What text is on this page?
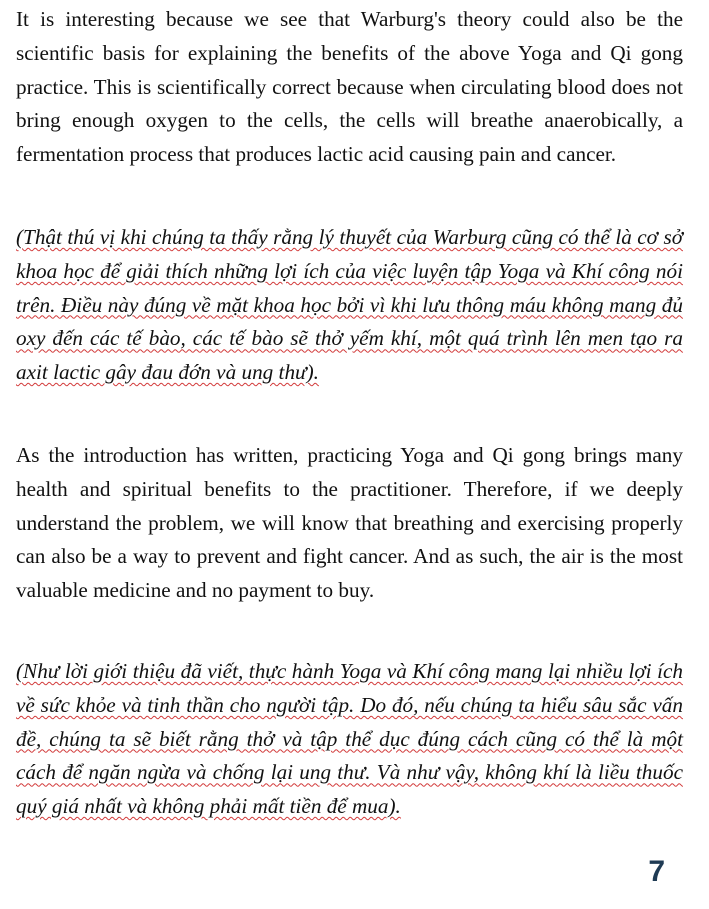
It is interesting because we see that Warburg's theory could also be the scientific basis for explaining the benefits of the above Yoga and Qi gong practice. This is scientifically correct because when circulating blood does not bring enough oxygen to the cells, the cells will breathe anaerobically, a fermentation process that produces lactic acid causing pain and cancer.

(Thật thú vị khi chúng ta thấy rằng lý thuyết của Warburg cũng có thể là cơ sở khoa học để giải thích những lợi ích của việc luyện tập Yoga và Khí công nói trên. Điều này đúng về mặt khoa học bởi vì khi lưu thông máu không mang đủ oxy đến các tế bào, các tế bào sẽ thở yếm khí, một quá trình lên men tạo ra axit lactic gây đau đớn và ung thư).

As the introduction has written, practicing Yoga and Qi gong brings many health and spiritual benefits to the practitioner. Therefore, if we deeply understand the problem, we will know that breathing and exercising properly can also be a way to prevent and fight cancer. And as such, the air is the most valuable medicine and no payment to buy.

(Như lời giới thiệu đã viết, thực hành Yoga và Khí công mang lại nhiều lợi ích về sức khỏe và tinh thần cho người tập. Do đó, nếu chúng ta hiểu sâu sắc vấn đề, chúng ta sẽ biết rằng thở và tập thể dục đúng cách cũng có thể là một cách để ngăn ngừa và chống lại ung thư. Và như vậy, không khí là liều thuốc quý giá nhất và không phải mất tiền để mua).

7
